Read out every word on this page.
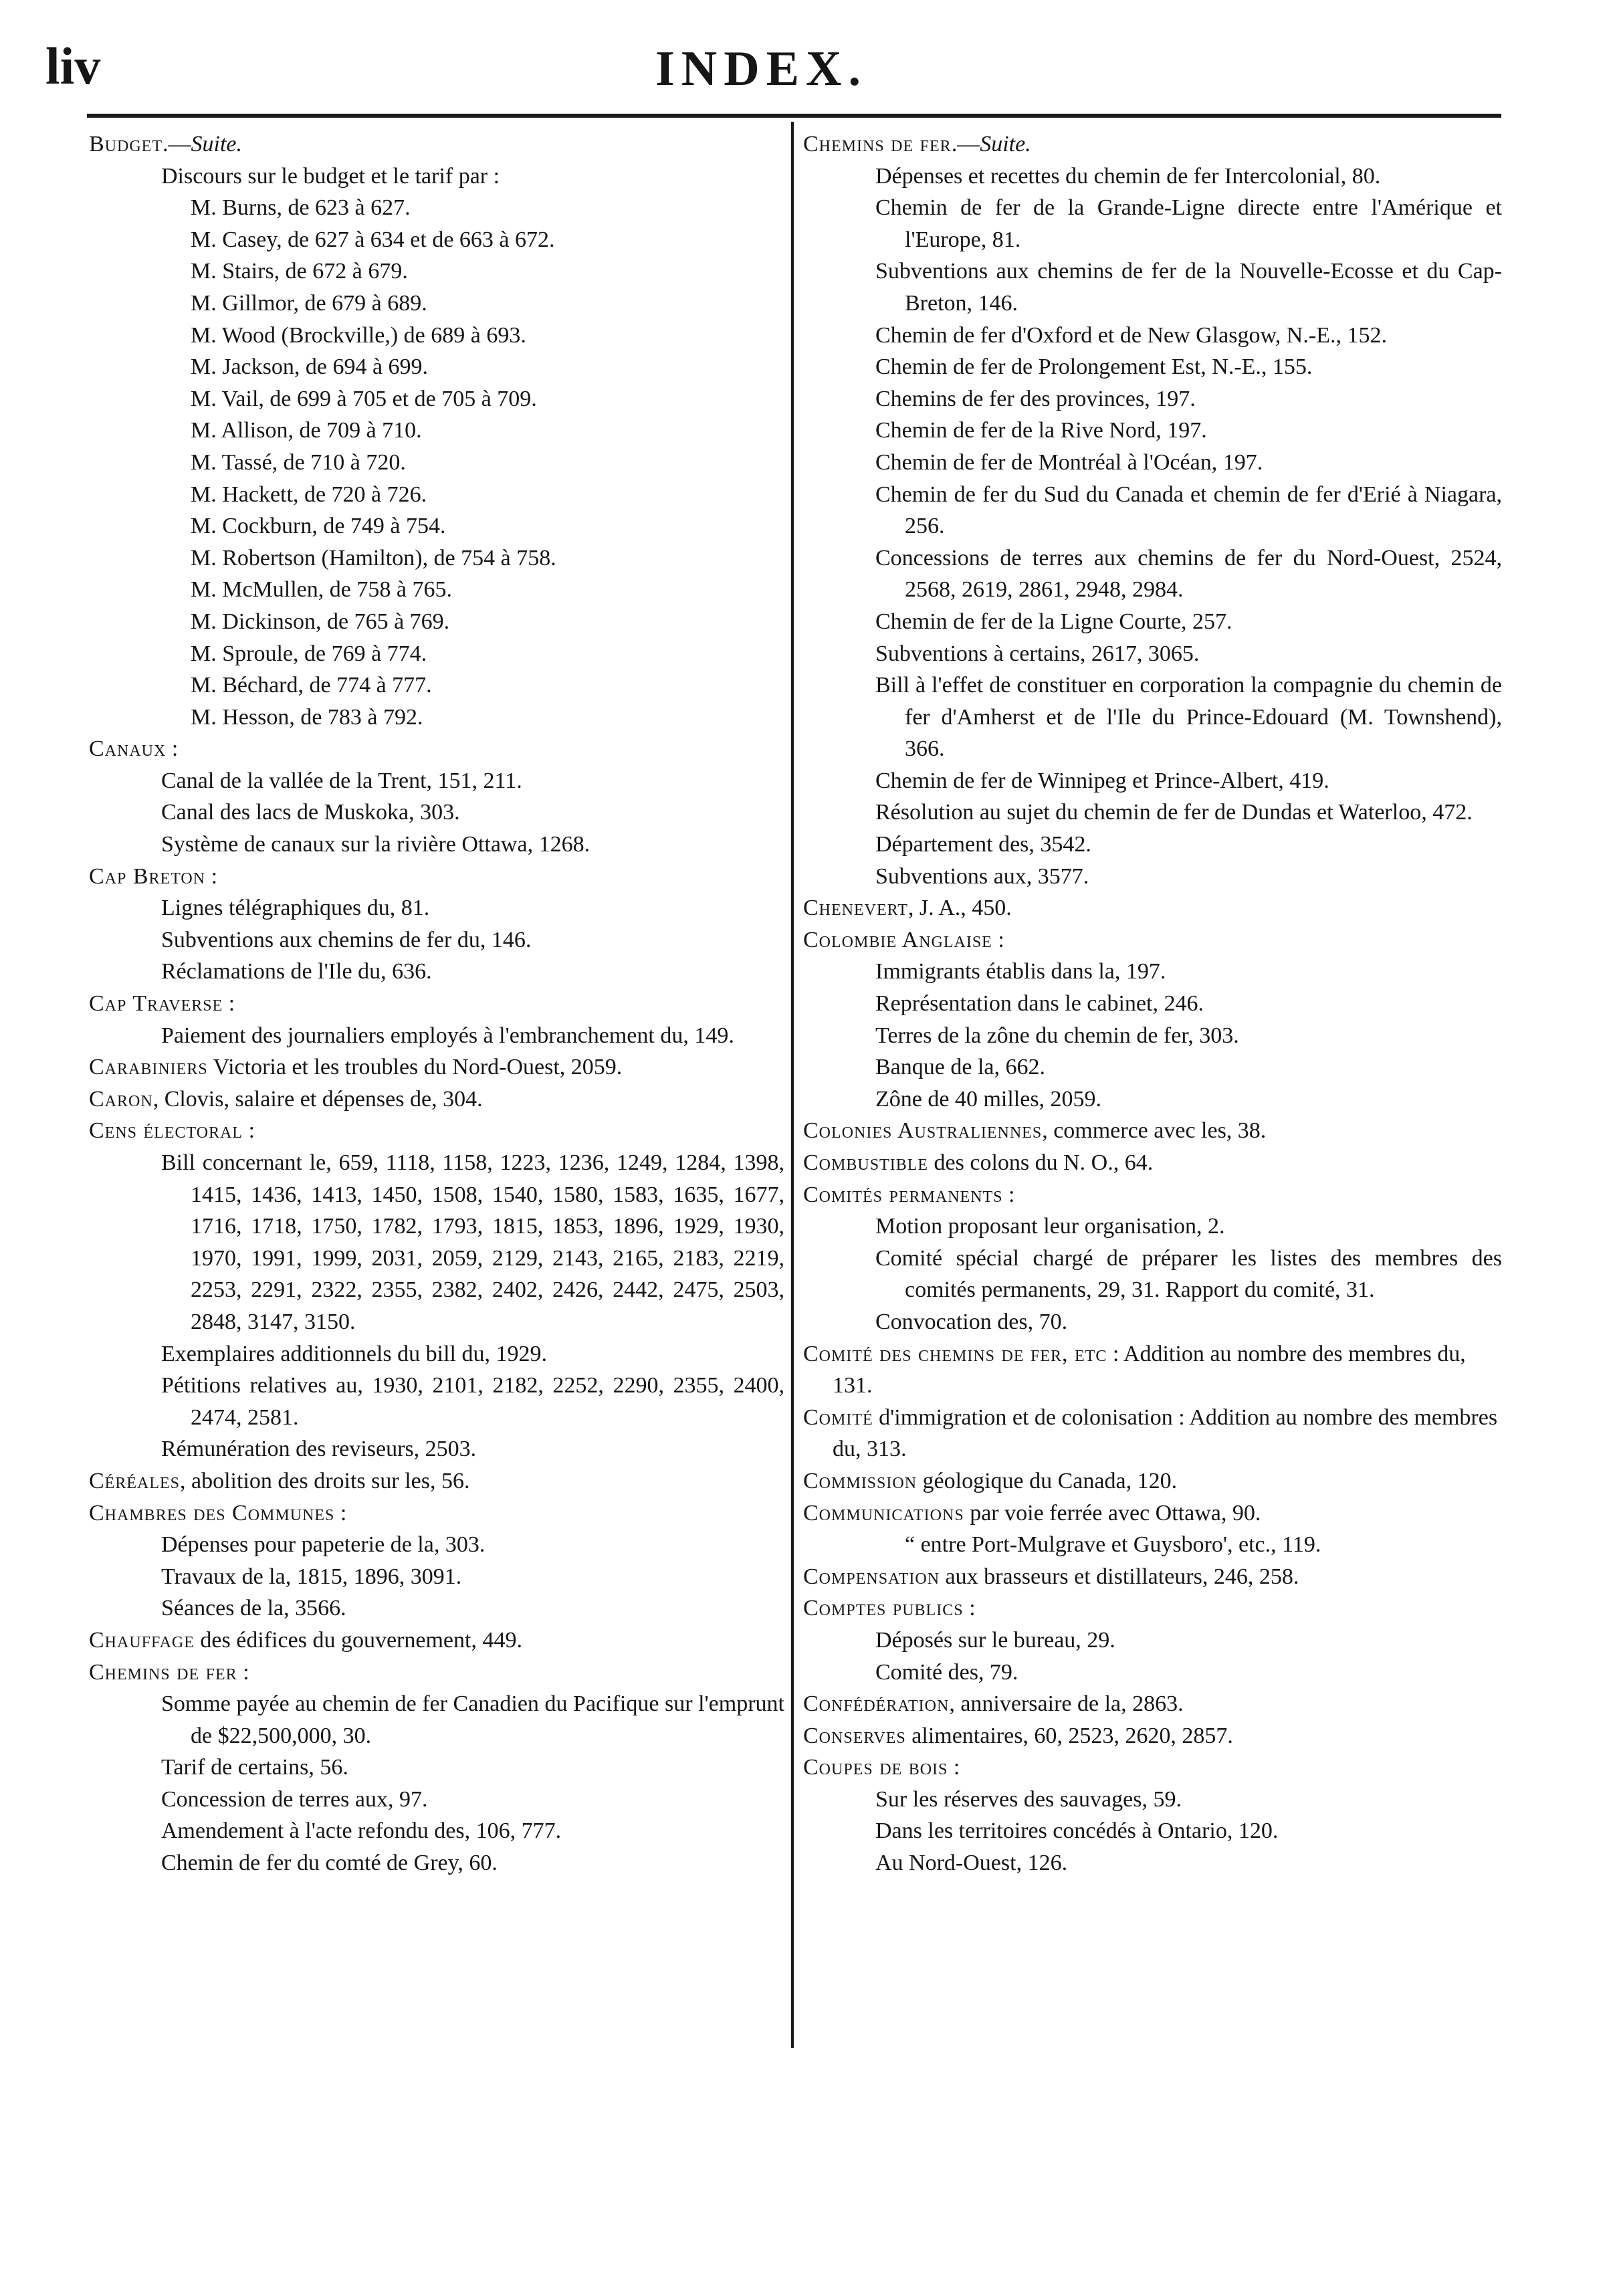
liv	INDEX.
Budget.—Suite.
Discours sur le budget et le tarif par :
M. Burns, de 623 à 627.
M. Casey, de 627 à 634 et de 663 à 672.
M. Stairs, de 672 à 679.
M. Gillmor, de 679 à 689.
M. Wood (Brockville,) de 689 à 693.
M. Jackson, de 694 à 699.
M. Vail, de 699 à 705 et de 705 à 709.
M. Allison, de 709 à 710.
M. Tassé, de 710 à 720.
M. Hackett, de 720 à 726.
M. Cockburn, de 749 à 754.
M. Robertson (Hamilton), de 754 à 758.
M. McMullen, de 758 à 765.
M. Dickinson, de 765 à 769.
M. Sproule, de 769 à 774.
M. Béchard, de 774 à 777.
M. Hesson, de 783 à 792.
Canaux :
Canal de la vallée de la Trent, 151, 211.
Canal des lacs de Muskoka, 303.
Système de canaux sur la rivière Ottawa, 1268.
Cap Breton :
Lignes télégraphiques du, 81.
Subventions aux chemins de fer du, 146.
Réclamations de l'Ile du, 636.
Cap Traverse :
Paiement des journaliers employés à l'embranchement du, 149.
Carabiniers Victoria et les troubles du Nord-Ouest, 2059.
Caron, Clovis, salaire et dépenses de, 304.
Cens électoral :
Bill concernant le, 659, 1118, 1158, 1223, 1236, 1249, 1284, 1398, 1415, 1436, 1413, 1450, 1508, 1540, 1580, 1583, 1635, 1677, 1716, 1718, 1750, 1782, 1793, 1815, 1853, 1896, 1929, 1930, 1970, 1991, 1999, 2031, 2059, 2129, 2143, 2165, 2183, 2219, 2253, 2291, 2322, 2355, 2382, 2402, 2426, 2442, 2475, 2503, 2848, 3147, 3150.
Exemplaires additionnels du bill du, 1929.
Pétitions relatives au, 1930, 2101, 2182, 2252, 2290, 2355, 2400, 2474, 2581.
Rémunération des reviseurs, 2503.
Céréales, abolition des droits sur les, 56.
Chambres des Communes :
Dépenses pour papeterie de la, 303.
Travaux de la, 1815, 1896, 3091.
Séances de la, 3566.
Chauffage des édifices du gouvernement, 449.
Chemins de fer :
Somme payée au chemin de fer Canadien du Pacifique sur l'emprunt de $22,500,000, 30.
Tarif de certains, 56.
Concession de terres aux, 97.
Amendement à l'acte refondu des, 106, 777.
Chemin de fer du comté de Grey, 60.
Chemins de fer.—Suite.
Dépenses et recettes du chemin de fer Intercolonial, 80.
Chemin de fer de la Grande-Ligne directe entre l'Amérique et l'Europe, 81.
Subventions aux chemins de fer de la Nouvelle-Ecosse et du Cap-Breton, 146.
Chemin de fer d'Oxford et de New Glasgow, N.-E., 152.
Chemin de fer de Prolongement Est, N.-E., 155.
Chemins de fer des provinces, 197.
Chemin de fer de la Rive Nord, 197.
Chemin de fer de Montréal à l'Océan, 197.
Chemin de fer du Sud du Canada et chemin de fer d'Erié à Niagara, 256.
Concessions de terres aux chemins de fer du Nord-Ouest, 2524, 2568, 2619, 2861, 2948, 2984.
Chemin de fer de la Ligne Courte, 257.
Subventions à certains, 2617, 3065.
Bill à l'effet de constituer en corporation la compagnie du chemin de fer d'Amherst et de l'Ile du Prince-Edouard (M. Townshend), 366.
Chemin de fer de Winnipeg et Prince-Albert, 419.
Résolution au sujet du chemin de fer de Dundas et Waterloo, 472.
Département des, 3542.
Subventions aux, 3577.
Chenevert, J. A., 450.
Colombie Anglaise :
Immigrants établis dans la, 197.
Représentation dans le cabinet, 246.
Terres de la zône du chemin de fer, 303.
Banque de la, 662.
Zône de 40 milles, 2059.
Colonies Australiennes, commerce avec les, 38.
Combustible des colons du N. O., 64.
Comités permanents :
Motion proposant leur organisation, 2.
Comité spécial chargé de préparer les listes des membres des comités permanents, 29, 31. Rapport du comité, 31.
Convocation des, 70.
Comité des chemins de fer, etc : Addition au nombre des membres du, 131.
Comité d'immigration et de colonisation : Addition au nombre des membres du, 313.
Commission géologique du Canada, 120.
Communications par voie ferrée avec Ottawa, 90.
“ entre Port-Mulgrave et Guysboro', etc., 119.
Compensation aux brasseurs et distillateurs, 246, 258.
Comptes publics :
Déposés sur le bureau, 29.
Comité des, 79.
Confédération, anniversaire de la, 2863.
Conserves alimentaires, 60, 2523, 2620, 2857.
Coupes de bois :
Sur les réserves des sauvages, 59.
Dans les territoires concédés à Ontario, 120.
Au Nord-Ouest, 126.
